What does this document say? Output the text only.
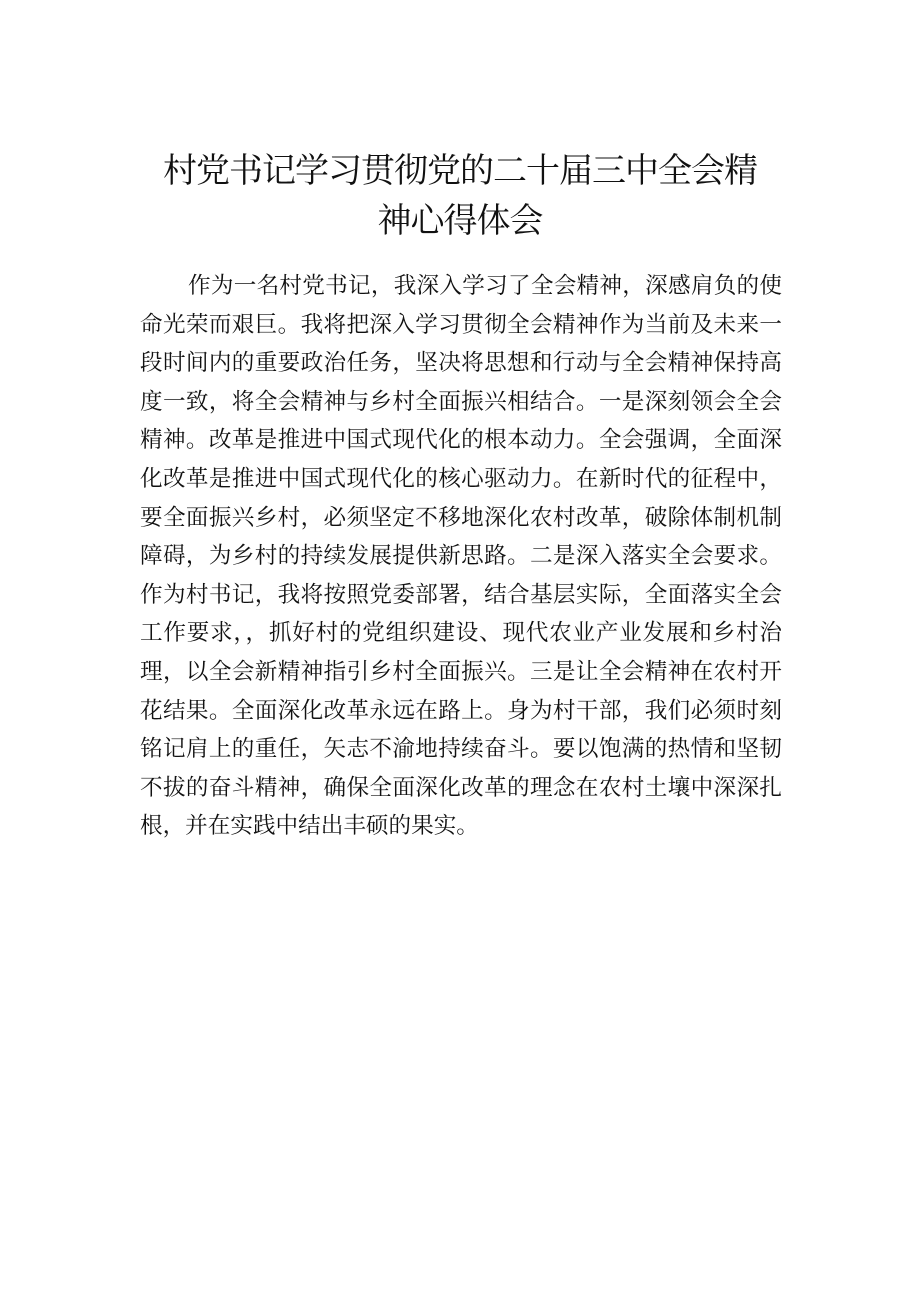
村党书记学习贯彻党的二十届三中全会精
神心得体会
作为一名村党书记，我深入学习了全会精神，深感肩负的使
命光荣而艰巨。我将把深入学习贯彻全会精神作为当前及未来一
段时间内的重要政治任务，坚决将思想和行动与全会精神保持高
度一致，将全会精神与乡村全面振兴相结合。一是深刻领会全会
精神。改革是推进中国式现代化的根本动力。全会强调，全面深
化改革是推进中国式现代化的核心驱动力。在新时代的征程中，
要全面振兴乡村，必须坚定不移地深化农村改革，破除体制机制
障碍，为乡村的持续发展提供新思路。二是深入落实全会要求。
作为村书记，我将按照党委部署，结合基层实际，全面落实全会
工作要求，，抓好村的党组织建设、现代农业产业发展和乡村治
理，以全会新精神指引乡村全面振兴。三是让全会精神在农村开
花结果。全面深化改革永远在路上。身为村干部，我们必须时刻
铭记肩上的重任，矢志不渝地持续奋斗。要以饱满的热情和坚韧
不拔的奋斗精神，确保全面深化改革的理念在农村土壤中深深扎
根，并在实践中结出丰硕的果实。
